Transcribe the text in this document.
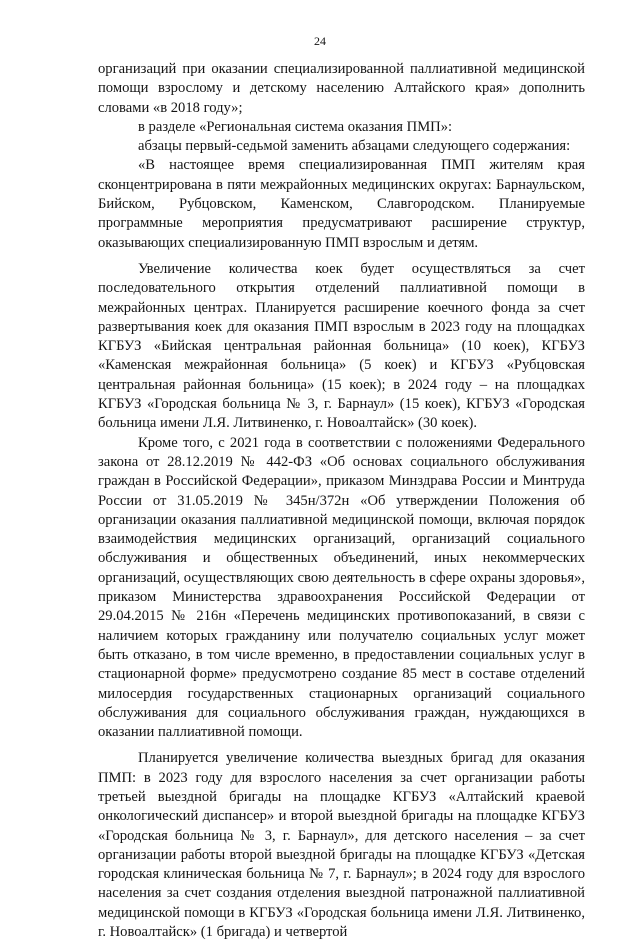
24

организаций при оказании специализированной паллиативной медицинской помощи взрослому и детскому населению Алтайского края» дополнить словами «в 2018 году»;

в разделе «Региональная система оказания ПМП»:

абзацы первый-седьмой заменить абзацами следующего содержания:

«В настоящее время специализированная ПМП жителям края сконцентрирована в пяти межрайонных медицинских округах: Барнаульском, Бийском, Рубцовском, Каменском, Славгородском. Планируемые программные мероприятия предусматривают расширение структур, оказывающих специализированную ПМП взрослым и детям.

Увеличение количества коек будет осуществляться за счет последовательного открытия отделений паллиативной помощи в межрайонных центрах. Планируется расширение коечного фонда за счет развертывания коек для оказания ПМП взрослым в 2023 году на площадках КГБУЗ «Бийская центральная районная больница» (10 коек), КГБУЗ «Каменская межрайонная больница» (5 коек) и КГБУЗ «Рубцовская центральная районная больница» (15 коек); в 2024 году – на площадках КГБУЗ «Городская больница № 3, г. Барнаул» (15 коек), КГБУЗ «Городская больница имени Л.Я. Литвиненко, г. Новоалтайск» (30 коек).

Кроме того, с 2021 года в соответствии с положениями Федерального закона от 28.12.2019 № 442-ФЗ «Об основах социального обслуживания граждан в Российской Федерации», приказом Минздрава России и Минтруда России от 31.05.2019 № 345н/372н «Об утверждении Положения об организации оказания паллиативной медицинской помощи, включая порядок взаимодействия медицинских организаций, организаций социального обслуживания и общественных объединений, иных некоммерческих организаций, осуществляющих свою деятельность в сфере охраны здоровья», приказом Министерства здравоохранения Российской Федерации от 29.04.2015 № 216н «Перечень медицинских противопоказаний, в связи с наличием которых гражданину или получателю социальных услуг может быть отказано, в том числе временно, в предоставлении социальных услуг в стационарной форме» предусмотрено создание 85 мест в составе отделений милосердия государственных стационарных организаций социального обслуживания для социального обслуживания граждан, нуждающихся в оказании паллиативной помощи.

Планируется увеличение количества выездных бригад для оказания ПМП: в 2023 году для взрослого населения за счет организации работы третьей выездной бригады на площадке КГБУЗ «Алтайский краевой онкологический диспансер» и второй выездной бригады на площадке КГБУЗ «Городская больница № 3, г. Барнаул», для детского населения – за счет организации работы второй выездной бригады на площадке КГБУЗ «Детская городская клиническая больница № 7, г. Барнаул»; в 2024 году для взрослого населения за счет создания отделения выездной патронажной паллиативной медицинской помощи в КГБУЗ «Городская больница имени Л.Я. Литвиненко, г. Новоалтайск» (1 бригада) и четвертой
